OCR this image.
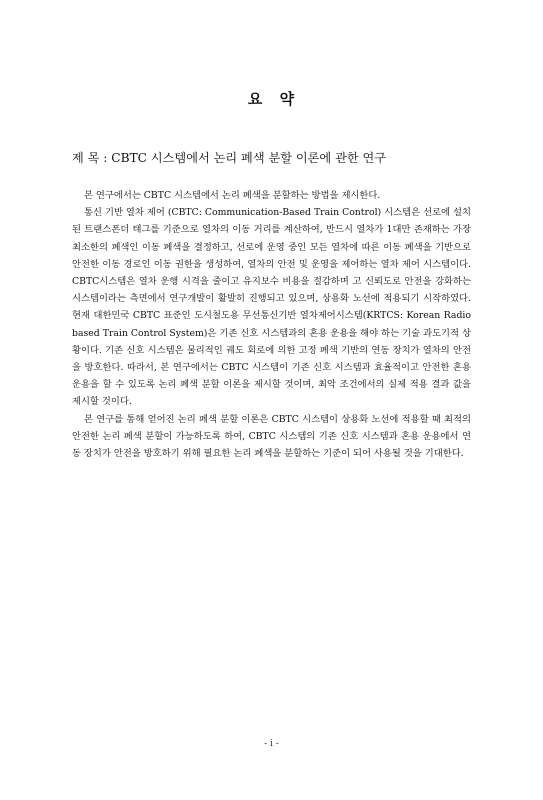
요 약
제 목 : CBTC 시스템에서 논리 폐색 분할 이론에 관한 연구

본 연구에서는 CBTC 시스템에서 논리 폐색을 분할하는 방법을 제시한다.

통신 기반 열차 제어 (CBTC: Communication-Based Train Control) 시스템은 선로에 설치된 트랜스폰더 태그를 기준으로 열차의 이동 거리를 계산하여, 반드시 열차가 1대만 존재하는 가장 최소한의 폐색인 이동 폐색을 결정하고, 선로에 운영 중인 모든 열차에 따른 이동 폐색을 기반으로 안전한 이동 경로인 이동 권한을 생성하여, 열차의 안전 및 운영을 제어하는 열차 제어 시스템이다. CBTC시스템은 열차 운행 시격을 줄이고 유지보수 비용을 절감하며 고 신뢰도로 안전을 강화하는 시스템이라는 측면에서 연구개발이 활발히 진행되고 있으며, 상용화 노선에 적용되기 시작하였다. 현재 대한민국 CBTC 표준인 도시철도용 무선통신기반 열차제어시스템(KRTCS: Korean Radio based Train Control System)은 기존 신호 시스템과의 혼용 운용을 해야 하는 기술 과도기적 상황이다. 기존 신호 시스템은 물리적인 궤도 회로에 의한 고정 폐색 기반의 연동 장치가 열차의 안전을 방호한다. 따라서, 본 연구에서는 CBTC 시스템이 기존 신호 시스템과 효율적이고 안전한 혼용 운용을 할 수 있도록 논리 폐색 분할 이론을 제시할 것이며, 최악 조건에서의 실제 적용 결과 값을 제시할 것이다.

본 연구를 통해 얻어진 논리 폐색 분할 이론은 CBTC 시스템이 상용화 노선에 적용할 때 최적의 안전한 논리 폐색 분할이 가능하도록 하여, CBTC 시스템의 기존 신호 시스템과 혼용 운용에서 연동 장치가 안전을 방호하기 위해 필요한 논리 폐색을 분할하는 기준이 되어 사용될 것을 기대한다.

- i -
